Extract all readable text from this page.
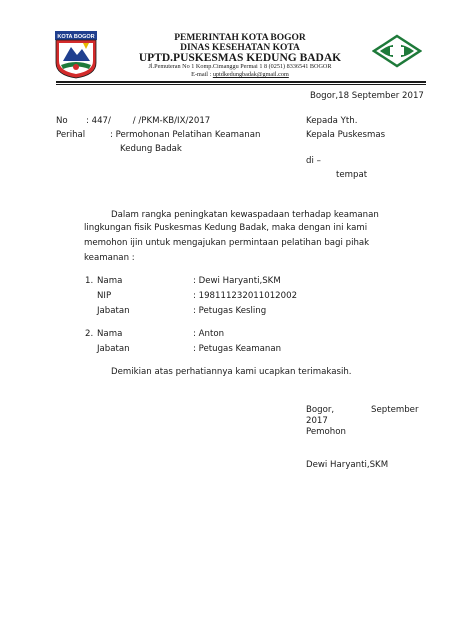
KOTA BOGOR	PEMERINTAH KOTA BOGOR
DINAS KESEHATAN KOTA
UPTD.PUSKESMAS KEDUNG BADAK
Jl.Pemuteran No 1 Komp.Cimanggu Permai 1 8 (0251) 8336541 BOGOR
E-mail : uptdkedungbadak@gmail.com
Bogor,18 September 2017
No : 447/        / /PKM-KB/IX/2017
Perihal	: Permohonan Pelatihan Keamanan
Kedung Badak
Kepada Yth.
Kepala Puskesmas
di –
tempat
Dalam rangka peningkatan kewaspadaan terhadap keamanan
lingkungan fisik Puskesmas Kedung Badak, maka dengan ini kami
memohon ijin untuk mengajukan permintaan pelatihan bagi pihak
keamanan :
1. Nama	: Dewi Haryanti,SKM
NIP	: 198111232011012002
Jabatan	: Petugas Kesling
2. Nama	: Anton
Jabatan	: Petugas Keamanan
Demikian atas perhatiannya kami ucapkan terimakasih.
Bogor,	September
2017
Pemohon
Dewi Haryanti,SKM
